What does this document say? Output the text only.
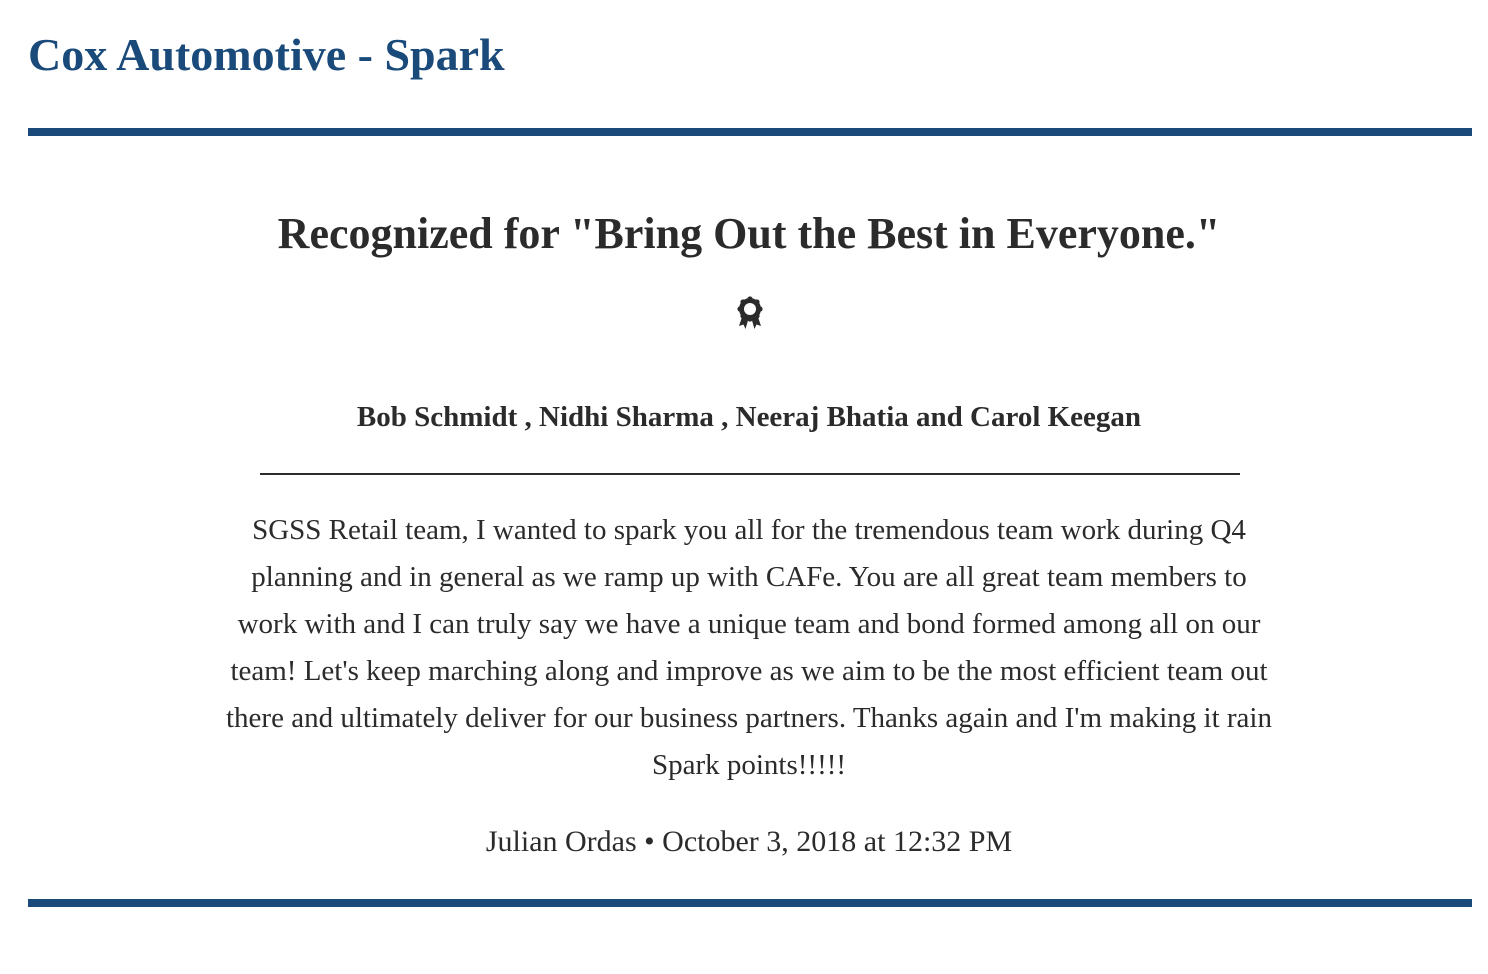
Cox Automotive - Spark
Recognized for "Bring Out the Best in Everyone."
Bob Schmidt , Nidhi Sharma , Neeraj Bhatia and Carol Keegan

SGSS Retail team, I wanted to spark you all for the tremendous team work during Q4 planning and in general as we ramp up with CAFe. You are all great team members to work with and I can truly say we have a unique team and bond formed among all on our team! Let's keep marching along and improve as we aim to be the most efficient team out there and ultimately deliver for our business partners. Thanks again and I'm making it rain Spark points!!!!!

Julian Ordas • October 3, 2018 at 12:32 PM
